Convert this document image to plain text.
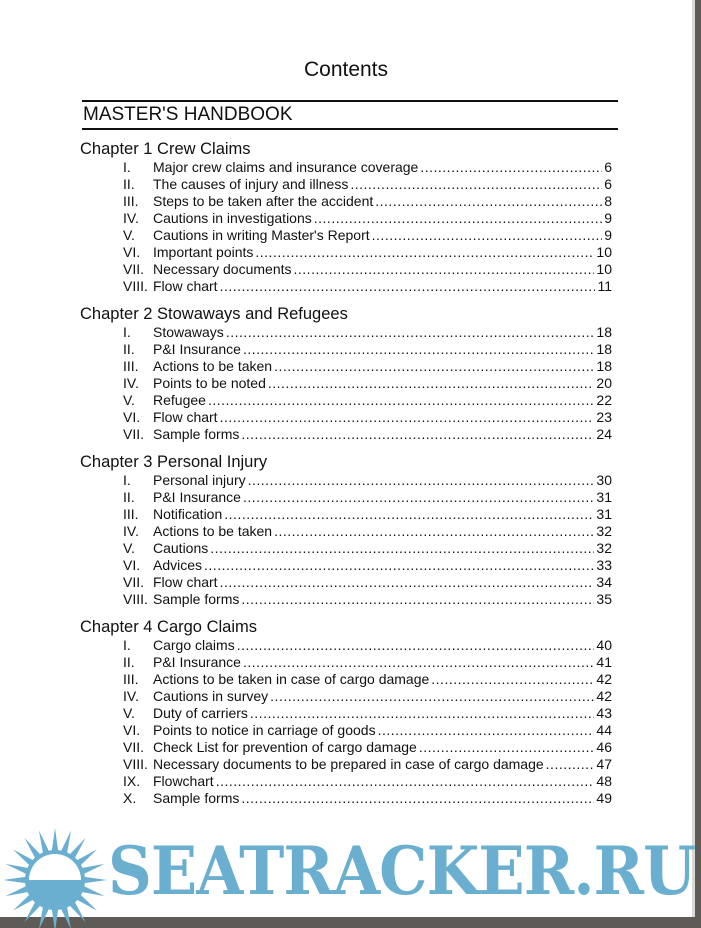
Contents
MASTER'S HANDBOOK
Chapter 1 Crew Claims
I.	Major crew claims and insurance coverage .....	6
II.	The causes of injury and illness .....	6
III.	Steps to be taken after the accident .....	8
IV.	Cautions in investigations .....	9
V.	Cautions in writing Master's Report .....	9
VI. Important points .....	10
VII. Necessary documents .....	10
VIII. Flow chart .....	11
Chapter 2 Stowaways and Refugees
I.	Stowaways .....	18
II.	P&I Insurance .....	18
III.	Actions to be taken .....	18
IV.	Points to be noted .....	20
V.	Refugee .....	22
VI. Flow chart .....	23
VII. Sample forms .....	24
Chapter 3 Personal Injury
I.	Personal injury .....	30
II.	P&I Insurance .....	31
III.	Notification .....	31
IV.	Actions to be taken .....	32
V.	Cautions .....	32
VI. Advices .....	33
VII. Flow chart .....	34
VIII. Sample forms .....	35
Chapter 4 Cargo Claims
I.	Cargo claims .....	40
II.	P&I Insurance .....	41
III.	Actions to be taken in case of cargo damage .....	42
IV.	Cautions in survey .....	42
V.	Duty of carriers .....	43
VI. Points to notice in carriage of goods .....	44
VII. Check List for prevention of cargo damage .....	46
VIII. Necessary documents to be prepared in case of cargo damage .....	47
IX. Flowchart .....	48
X.	Sample forms .....	49
SEATRACKER.RU
